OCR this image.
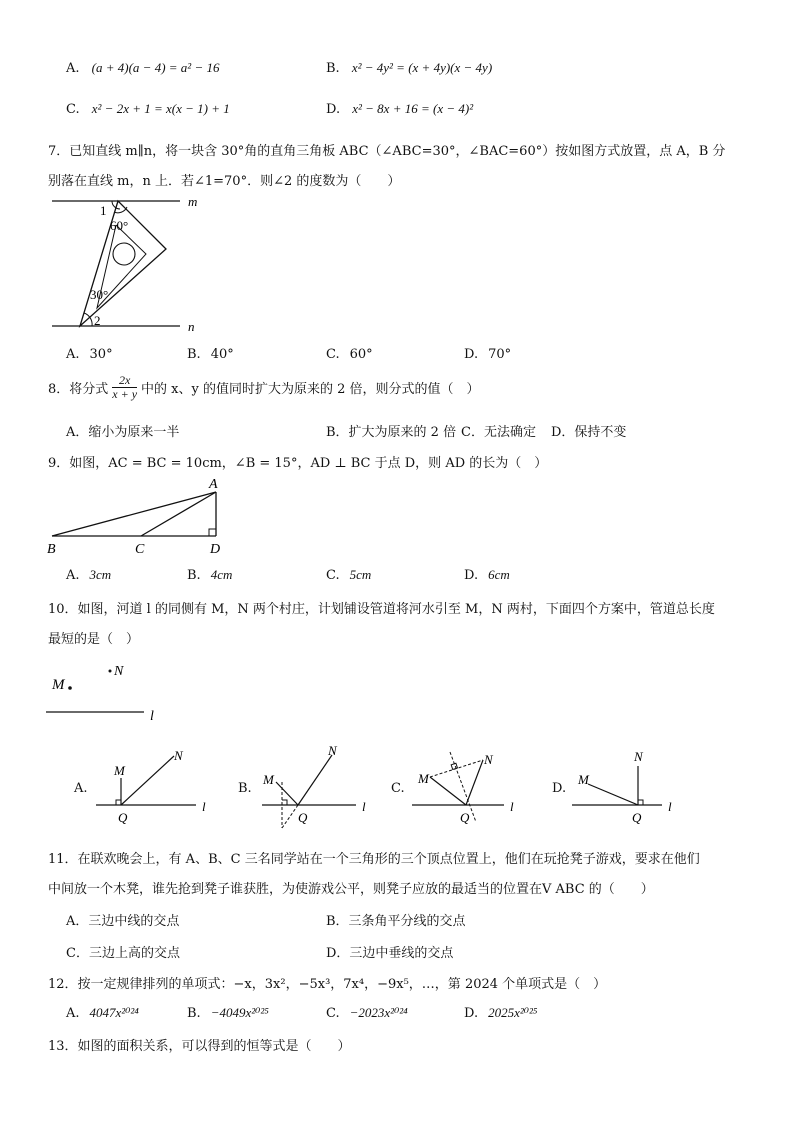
A. (a + 4)(a − 4) = a² − 16	B. x² − 4y² = (x + 4y)(x − 4y)
C. x² − 2x + 1 = x(x − 1) + 1	D. x² − 8x + 16 = (x − 4)²
7．已知直线 m∥n，将一块含 30°角的直角三角板 ABC（∠ABC=30°，∠BAC=60°）按如图方式放置，点 A，B 分
别落在直线 m，n 上．若∠1=70°．则∠2 的度数为（　　）
m
n
1
60°
30°
2
A. 30°	B. 40°	C. 60°	D. 70°
8．将分式 $\frac{2x}{x + y}$ 中的 x、y 的值同时扩大为原来的 2 倍，则分式的值（　）
A．缩小为原来一半	B．扩大为原来的 2 倍 C．无法确定 D．保持不变
9．如图，AC = BC = 10cm，∠B = 15°，AD ⊥ BC 于点 D，则 AD 的长为（　）
A
B	C	D
A. 3cm	B. 4cm	C. 5cm	D. 6cm
10．如图，河道 l 的同侧有 M，N 两个村庄，计划铺设管道将河水引至 M，N 两村，下面四个方案中，管道总长度
最短的是（　）
M
N
l
A.
M
N
Q
l
B.
M
N
Q
l
C.
M
N
Q
l
D.
M
N
Q
l
11．在联欢晚会上，有 A、B、C 三名同学站在一个三角形的三个顶点位置上，他们在玩抢凳子游戏，要求在他们
中间放一个木凳，谁先抢到凳子谁获胜，为使游戏公平，则凳子应放的最适当的位置在V ABC 的（　　）
A．三边中线的交点	B．三条角平分线的交点
C．三边上高的交点	D．三边中垂线的交点
12．按一定规律排列的单项式：−x，3x²，−5x³，7x⁴，−9x⁵，…，第 2024 个单项式是（　）
A. 4047x²⁰²⁴	B. −4049x²⁰²⁵	C. −2023x²⁰²⁴	D. 2025x²⁰²⁵
13．如图的面积关系，可以得到的恒等式是（　　）
